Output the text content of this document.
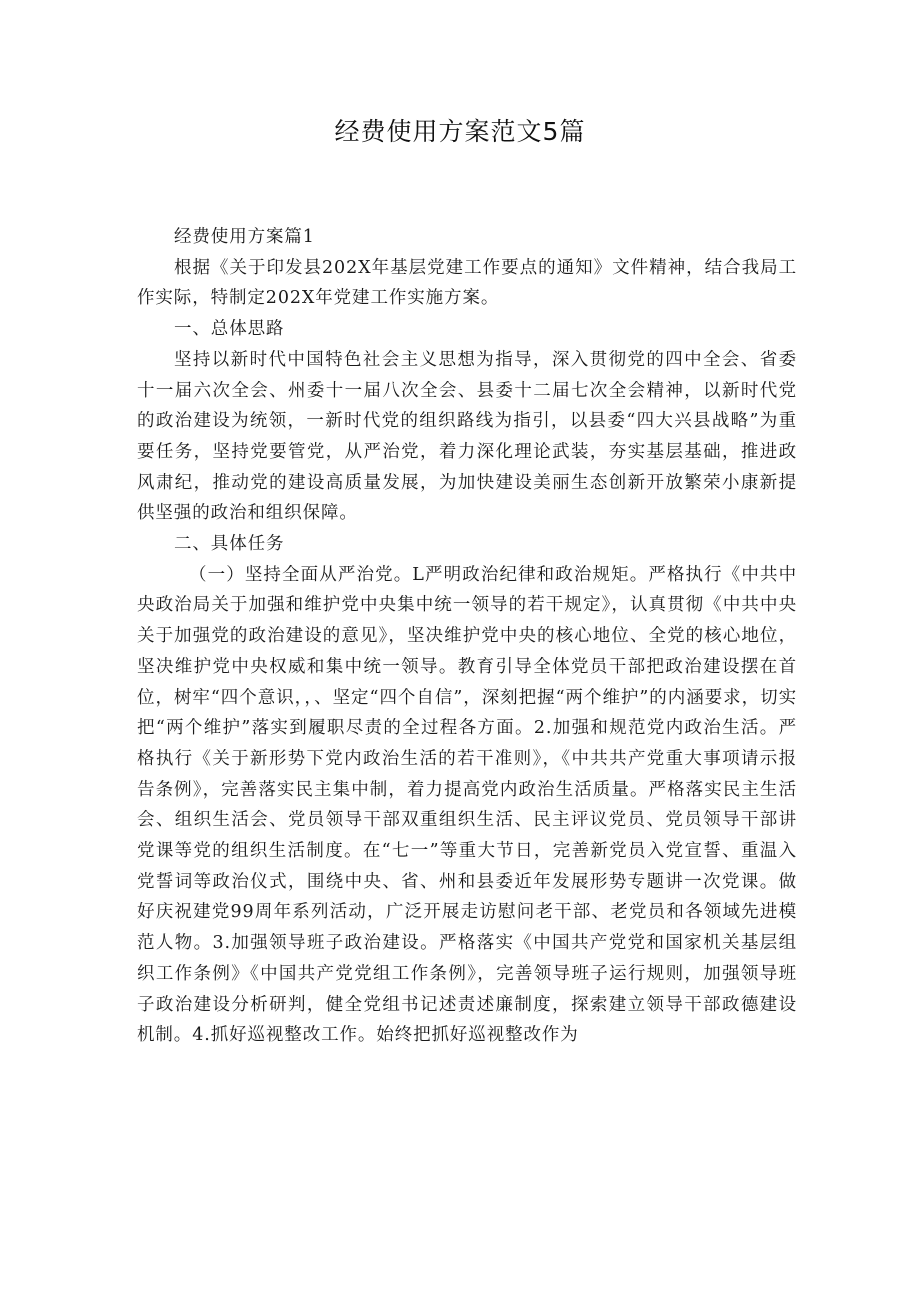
经费使用方案范文5篇

经费使用方案篇1

根据《关于印发县202X年基层党建工作要点的通知》文件精神，结合我局工作实际，特制定202X年党建工作实施方案。

一、总体思路

坚持以新时代中国特色社会主义思想为指导，深入贯彻党的四中全会、省委十一届六次全会、州委十一届八次全会、县委十二届七次全会精神，以新时代党的政治建设为统领，一新时代党的组织路线为指引，以县委“四大兴县战略”为重要任务，坚持党要管党，从严治党，着力深化理论武装，夯实基层基础，推进政风肃纪，推动党的建设高质量发展，为加快建设美丽生态创新开放繁荣小康新提供坚强的政治和组织保障。

二、具体任务

（一）坚持全面从严治党。L严明政治纪律和政治规矩。严格执行《中共中央政治局关于加强和维护党中央集中统一领导的若干规定》，认真贯彻《中共中央关于加强党的政治建设的意见》，坚决维护党中央的核心地位、全党的核心地位，坚决维护党中央权威和集中统一领导。教育引导全体党员干部把政治建设摆在首位，树牢“四个意识，，、坚定“四个自信”，深刻把握“两个维护”的内涵要求，切实把“两个维护”落实到履职尽责的全过程各方面。2.加强和规范党内政治生活。严格执行《关于新形势下党内政治生活的若干准则》，《中共共产党重大事项请示报告条例》，完善落实民主集中制，着力提高党内政治生活质量。严格落实民主生活会、组织生活会、党员领导干部双重组织生活、民主评议党员、党员领导干部讲党课等党的组织生活制度。在“七一”等重大节日，完善新党员入党宣誓、重温入党誓词等政治仪式，围绕中央、省、州和县委近年发展形势专题讲一次党课。做好庆祝建党99周年系列活动，广泛开展走访慰问老干部、老党员和各领域先进模范人物。3.加强领导班子政治建设。严格落实《中国共产党党和国家机关基层组织工作条例》《中国共产党党组工作条例》，完善领导班子运行规则，加强领导班子政治建设分析研判，健全党组书记述责述廉制度，探索建立领导干部政德建设机制。4.抓好巡视整改工作。始终把抓好巡视整改作为
